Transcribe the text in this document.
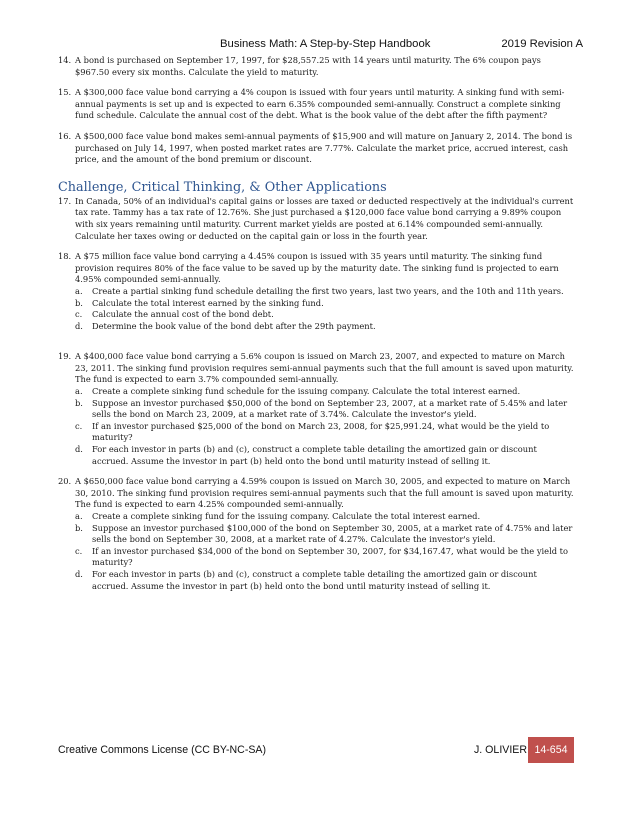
Business Math: A Step-by-Step Handbook	2019 Revision A
14. A bond is purchased on September 17, 1997, for $28,557.25 with 14 years until maturity. The 6% coupon pays $967.50 every six months. Calculate the yield to maturity.
15. A $300,000 face value bond carrying a 4% coupon is issued with four years until maturity. A sinking fund with semi-annual payments is set up and is expected to earn 6.35% compounded semi-annually. Construct a complete sinking fund schedule. Calculate the annual cost of the debt. What is the book value of the debt after the fifth payment?
16. A $500,000 face value bond makes semi-annual payments of $15,900 and will mature on January 2, 2014. The bond is purchased on July 14, 1997, when posted market rates are 7.77%. Calculate the market price, accrued interest, cash price, and the amount of the bond premium or discount.
Challenge, Critical Thinking, & Other Applications
17. In Canada, 50% of an individual's capital gains or losses are taxed or deducted respectively at the individual's current tax rate. Tammy has a tax rate of 12.76%. She just purchased a $120,000 face value bond carrying a 9.89% coupon with six years remaining until maturity. Current market yields are posted at 6.14% compounded semi-annually. Calculate her taxes owing or deducted on the capital gain or loss in the fourth year.
18. A $75 million face value bond carrying a 4.45% coupon is issued with 35 years until maturity. The sinking fund provision requires 80% of the face value to be saved up by the maturity date. The sinking fund is projected to earn 4.95% compounded semi-annually.
a. Create a partial sinking fund schedule detailing the first two years, last two years, and the 10th and 11th years.
b. Calculate the total interest earned by the sinking fund.
c. Calculate the annual cost of the bond debt.
d. Determine the book value of the bond debt after the 29th payment.
19. A $400,000 face value bond carrying a 5.6% coupon is issued on March 23, 2007, and expected to mature on March 23, 2011. The sinking fund provision requires semi-annual payments such that the full amount is saved upon maturity. The fund is expected to earn 3.7% compounded semi-annually.
a. Create a complete sinking fund schedule for the issuing company. Calculate the total interest earned.
b. Suppose an investor purchased $50,000 of the bond on September 23, 2007, at a market rate of 5.45% and later sells the bond on March 23, 2009, at a market rate of 3.74%. Calculate the investor's yield.
c. If an investor purchased $25,000 of the bond on March 23, 2008, for $25,991.24, what would be the yield to maturity?
d. For each investor in parts (b) and (c), construct a complete table detailing the amortized gain or discount accrued. Assume the investor in part (b) held onto the bond until maturity instead of selling it.
20. A $650,000 face value bond carrying a 4.59% coupon is issued on March 30, 2005, and expected to mature on March 30, 2010. The sinking fund provision requires semi-annual payments such that the full amount is saved upon maturity. The fund is expected to earn 4.25% compounded semi-annually.
a. Create a complete sinking fund for the issuing company. Calculate the total interest earned.
b. Suppose an investor purchased $100,000 of the bond on September 30, 2005, at a market rate of 4.75% and later sells the bond on September 30, 2008, at a market rate of 4.27%. Calculate the investor's yield.
c. If an investor purchased $34,000 of the bond on September 30, 2007, for $34,167.47, what would be the yield to maturity?
d. For each investor in parts (b) and (c), construct a complete table detailing the amortized gain or discount accrued. Assume the investor in part (b) held onto the bond until maturity instead of selling it.
Creative Commons License (CC BY-NC-SA)	J. OLIVIER 14-654
